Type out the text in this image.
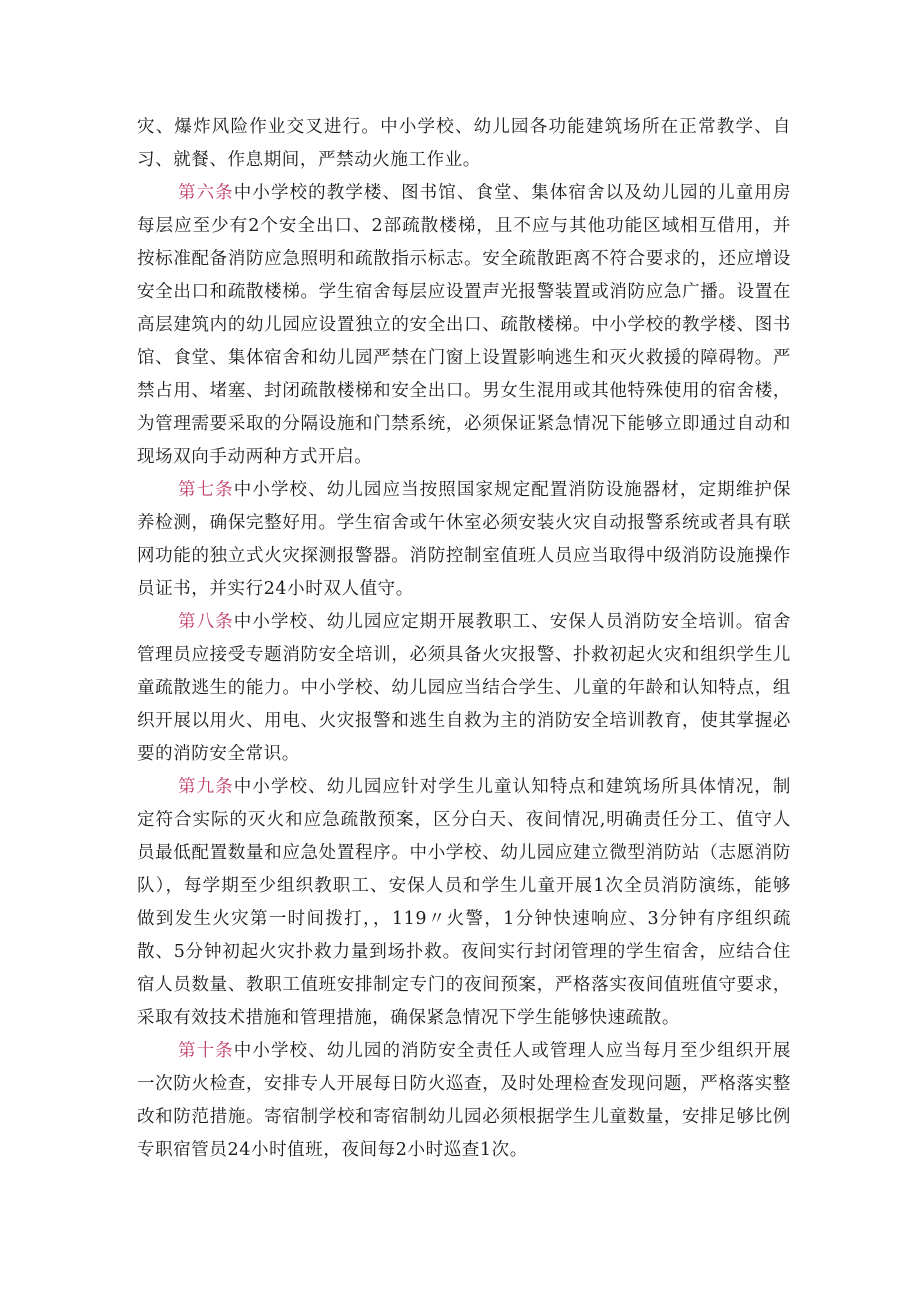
灾、爆炸风险作业交叉进行。中小学校、幼儿园各功能建筑场所在正常教学、自习、就餐、作息期间，严禁动火施工作业。

第六条中小学校的教学楼、图书馆、食堂、集体宿舍以及幼儿园的儿童用房每层应至少有2个安全出口、2部疏散楼梯，且不应与其他功能区域相互借用，并按标准配备消防应急照明和疏散指示标志。安全疏散距离不符合要求的，还应增设安全出口和疏散楼梯。学生宿舍每层应设置声光报警装置或消防应急广播。设置在高层建筑内的幼儿园应设置独立的安全出口、疏散楼梯。中小学校的教学楼、图书馆、食堂、集体宿舍和幼儿园严禁在门窗上设置影响逃生和灭火救援的障碍物。严禁占用、堵塞、封闭疏散楼梯和安全出口。男女生混用或其他特殊使用的宿舍楼，为管理需要采取的分隔设施和门禁系统，必须保证紧急情况下能够立即通过自动和现场双向手动两种方式开启。

第七条中小学校、幼儿园应当按照国家规定配置消防设施器材，定期维护保养检测，确保完整好用。学生宿舍或午休室必须安装火灾自动报警系统或者具有联网功能的独立式火灾探测报警器。消防控制室值班人员应当取得中级消防设施操作员证书，并实行24小时双人值守。

第八条中小学校、幼儿园应定期开展教职工、安保人员消防安全培训。宿舍管理员应接受专题消防安全培训，必须具备火灾报警、扑救初起火灾和组织学生儿童疏散逃生的能力。中小学校、幼儿园应当结合学生、儿童的年龄和认知特点，组织开展以用火、用电、火灾报警和逃生自救为主的消防安全培训教育，使其掌握必要的消防安全常识。

第九条中小学校、幼儿园应针对学生儿童认知特点和建筑场所具体情况，制定符合实际的灭火和应急疏散预案，区分白天、夜间情况,明确责任分工、值守人员最低配置数量和应急处置程序。中小学校、幼儿园应建立微型消防站（志愿消防队），每学期至少组织教职工、安保人员和学生儿童开展1次全员消防演练，能够做到发生火灾第一时间拨打，，119〃火警，1分钟快速响应、3分钟有序组织疏散、5分钟初起火灾扑救力量到场扑救。夜间实行封闭管理的学生宿舍，应结合住宿人员数量、教职工值班安排制定专门的夜间预案，严格落实夜间值班值守要求，采取有效技术措施和管理措施，确保紧急情况下学生能够快速疏散。

第十条中小学校、幼儿园的消防安全责任人或管理人应当每月至少组织开展一次防火检查，安排专人开展每日防火巡查，及时处理检查发现问题，严格落实整改和防范措施。寄宿制学校和寄宿制幼儿园必须根据学生儿童数量，安排足够比例专职宿管员24小时值班，夜间每2小时巡查1次。
